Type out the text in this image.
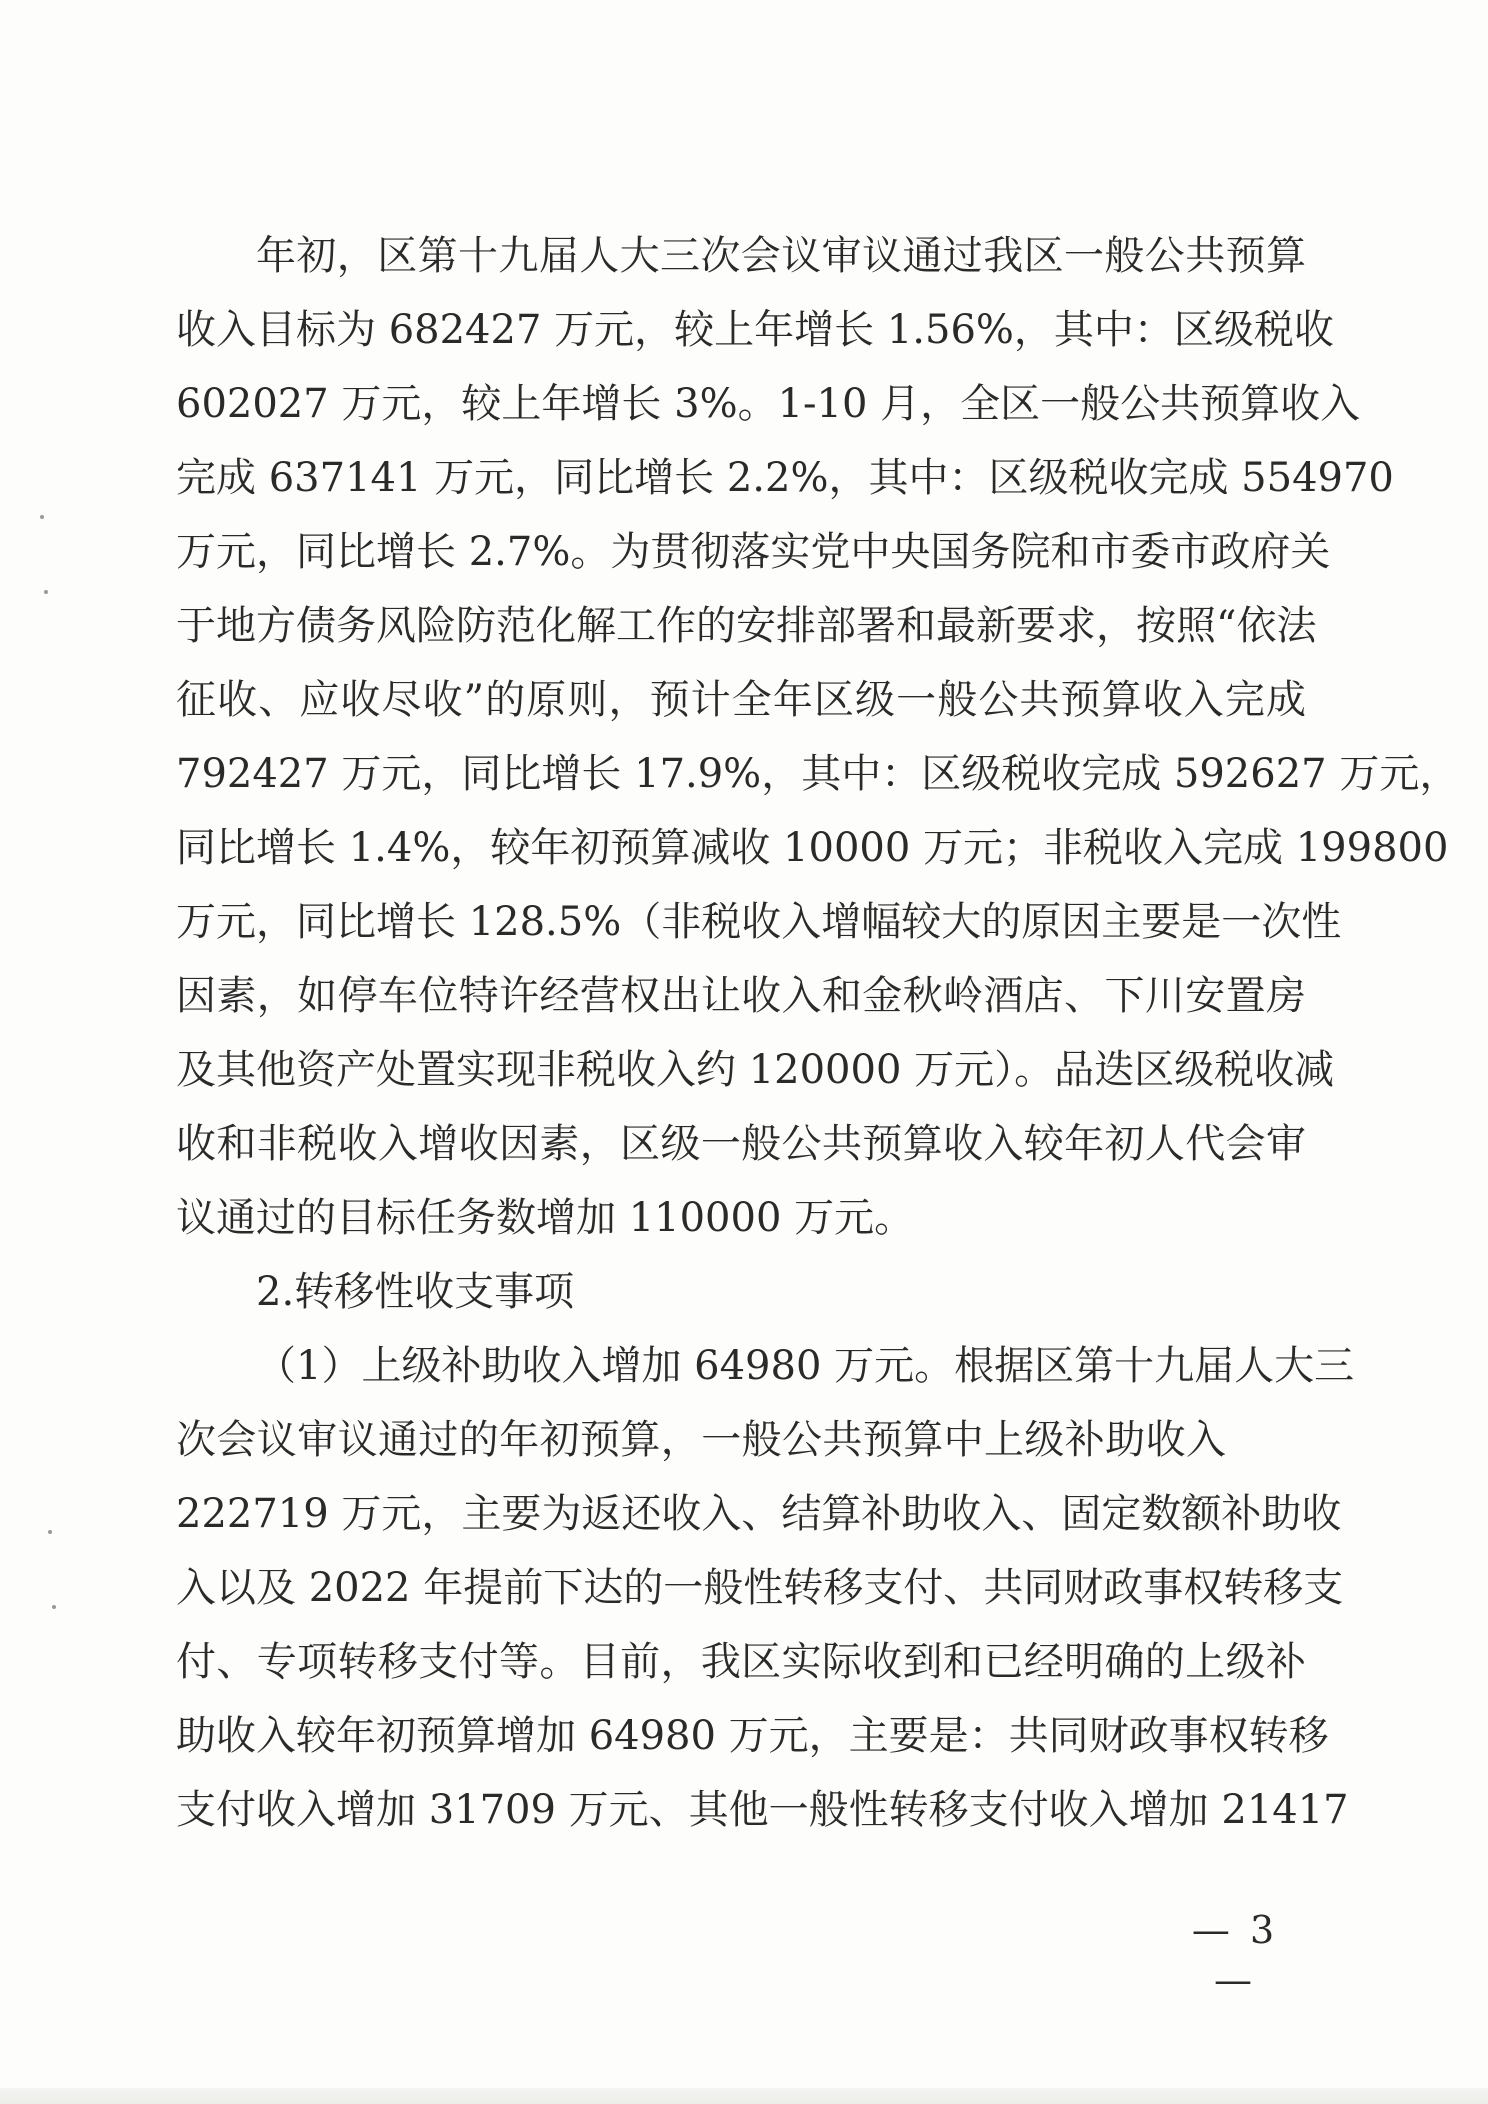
年初，区第十九届人大三次会议审议通过我区一般公共预算
收入目标为 682427 万元，较上年增长 1.56%，其中：区级税收
602027 万元，较上年增长 3%。1-10 月，全区一般公共预算收入
完成 637141 万元，同比增长 2.2%，其中：区级税收完成 554970
万元，同比增长 2.7%。为贯彻落实党中央国务院和市委市政府关
于地方债务风险防范化解工作的安排部署和最新要求，按照“依法
征收、应收尽收”的原则，预计全年区级一般公共预算收入完成
792427 万元，同比增长 17.9%，其中：区级税收完成 592627 万元，
同比增长 1.4%，较年初预算减收 10000 万元；非税收入完成 199800
万元，同比增长 128.5%（非税收入增幅较大的原因主要是一次性
因素，如停车位特许经营权出让收入和金秋岭酒店、下川安置房
及其他资产处置实现非税收入约 120000 万元）。品迭区级税收减
收和非税收入增收因素，区级一般公共预算收入较年初人代会审
议通过的目标任务数增加 110000 万元。
2.转移性收支事项
（1）上级补助收入增加 64980 万元。根据区第十九届人大三
次会议审议通过的年初预算，一般公共预算中上级补助收入
222719 万元，主要为返还收入、结算补助收入、固定数额补助收
入以及 2022 年提前下达的一般性转移支付、共同财政事权转移支
付、专项转移支付等。目前，我区实际收到和已经明确的上级补
助收入较年初预算增加 64980 万元，主要是：共同财政事权转移
支付收入增加 31709 万元、其他一般性转移支付收入增加 21417
— 3 —
